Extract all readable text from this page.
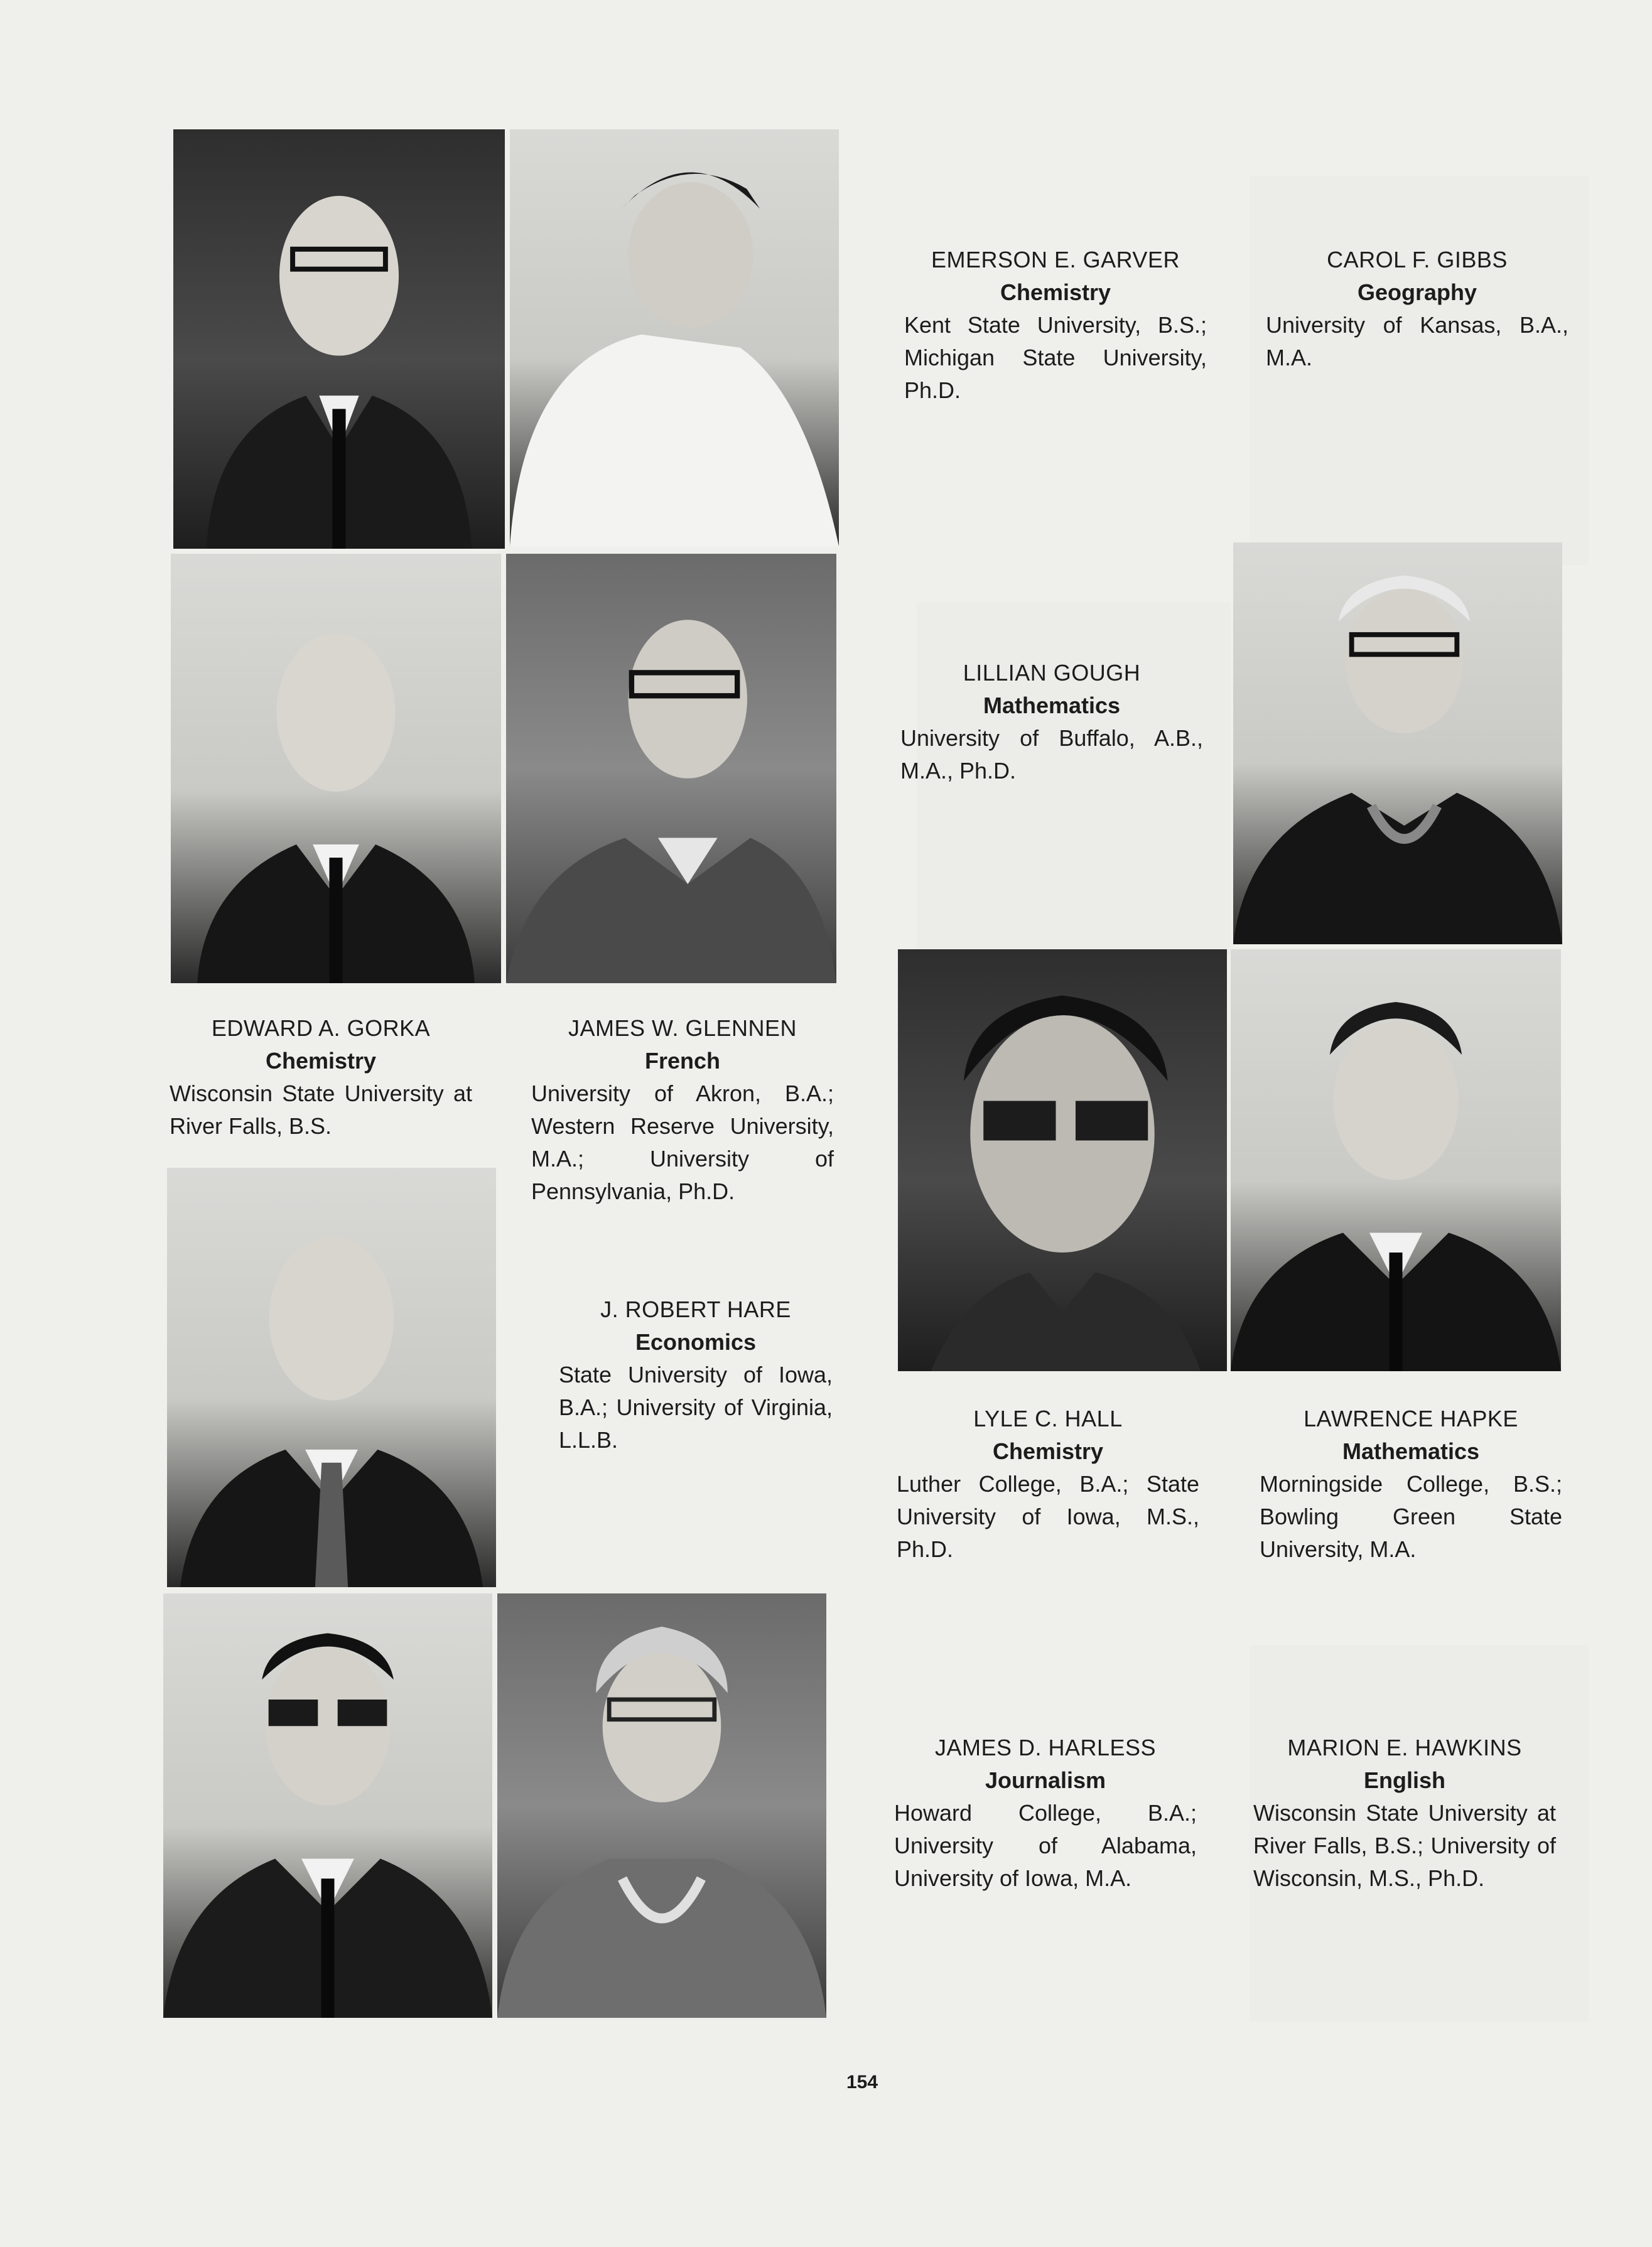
EMERSON E. GARVER
Chemistry
Kent State University, B.S.; Michigan State University, Ph.D.
CAROL F. GIBBS
Geography
University of Kansas, B.A., M.A.
LILLIAN GOUGH
Mathematics
University of Buffalo, A.B., M.A., Ph.D.
EDWARD A. GORKA
Chemistry
Wisconsin State University at River Falls, B.S.
JAMES W. GLENNEN
French
University of Akron, B.A.; Western Reserve University, M.A.; University of Pennsylvania, Ph.D.
J. ROBERT HARE
Economics
State University of Iowa, B.A.; University of Virginia, L.L.B.
LYLE C. HALL
Chemistry
Luther College, B.A.; State University of Iowa, M.S., Ph.D.
LAWRENCE HAPKE
Mathematics
Morningside College, B.S.; Bowling Green State University, M.A.
JAMES D. HARLESS
Journalism
Howard College, B.A.; University of Alabama, University of Iowa, M.A.
MARION E. HAWKINS
English
Wisconsin State University at River Falls, B.S.; University of Wisconsin, M.S., Ph.D.
154
